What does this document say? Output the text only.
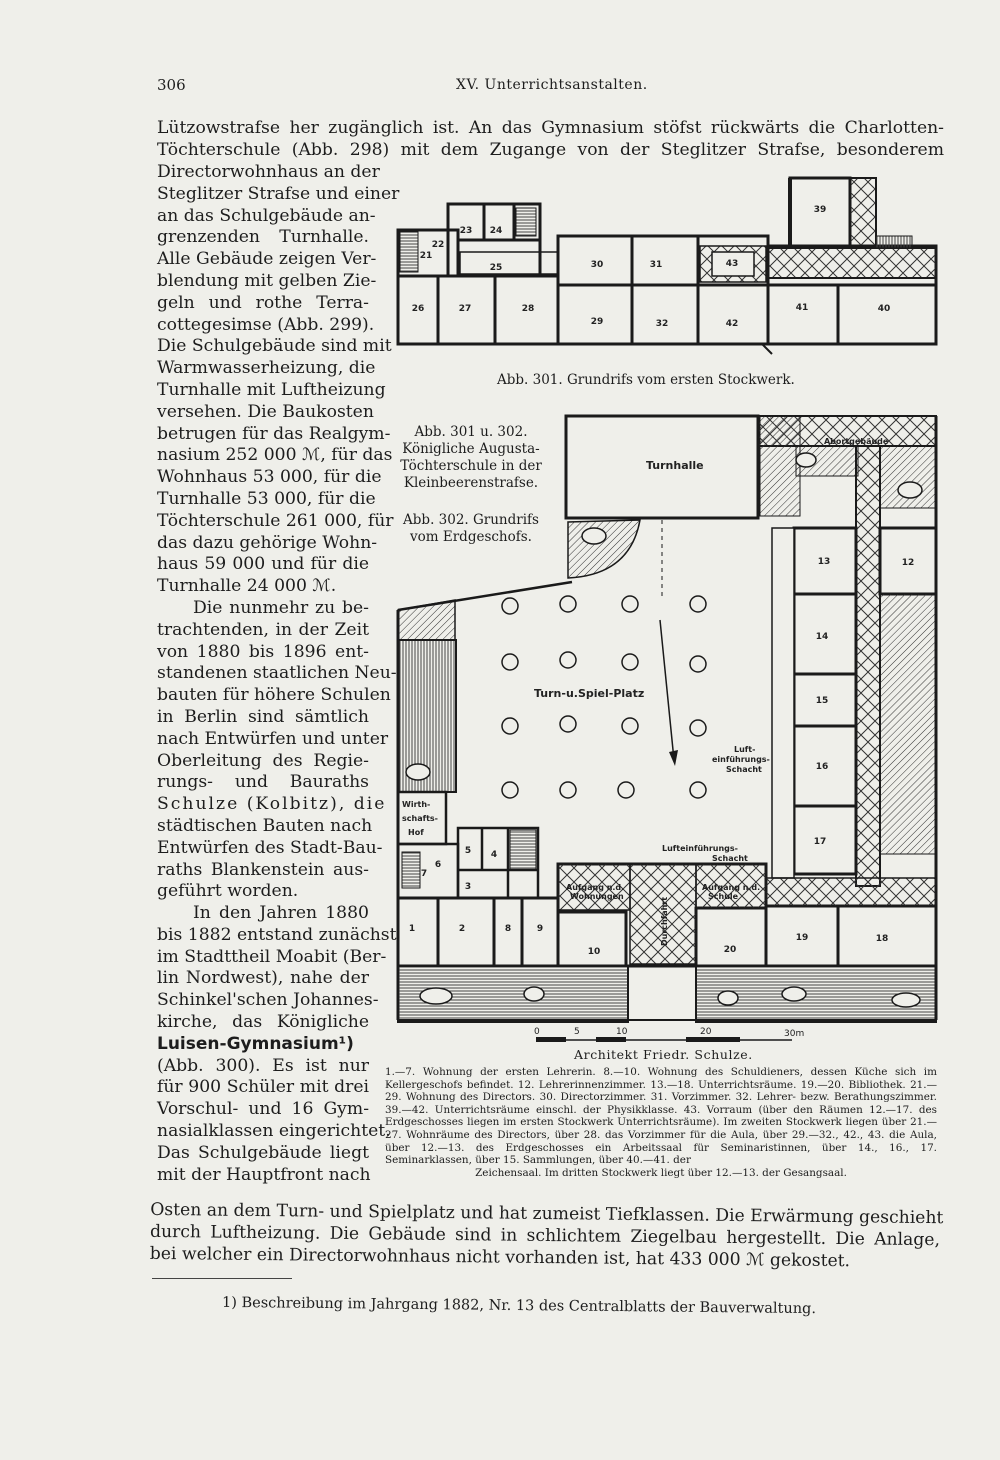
306	XV. Unterrichtsanstalten.
Lützowstrafse her zugänglich ist. An das Gymnasium stöfst rückwärts die Charlotten-
Töchterschule (Abb. 298) mit dem Zugange von der Steglitzer Strafse, besonderem
Directorwohnhaus an der
Steglitzer Strafse und einer
an das Schulgebäude an-
grenzenden Turnhalle.
Alle Gebäude zeigen Ver-
blendung mit gelben Zie-
geln und rothe Terra-
cottegesimse (Abb. 299).
Die Schulgebäude sind mit
Warmwasserheizung, die
Turnhalle mit Luftheizung
versehen. Die Baukosten
betrugen für das Realgym-
nasium 252 000 ℳ, für das
Wohnhaus 53 000, für die
Turnhalle 53 000, für die
Töchterschule 261 000, für
das dazu gehörige Wohn-
haus 59 000 und für die
Turnhalle 24 000 ℳ.
Die nunmehr zu be-
trachtenden, in der Zeit
von 1880 bis 1896 ent-
standenen staatlichen Neu-
bauten für höhere Schulen
in Berlin sind sämtlich
nach Entwürfen und unter
Oberleitung des Regie-
rungs- und Bauraths
Schulze (Kolbitz), die
städtischen Bauten nach
Entwürfen des Stadt-Bau-
raths Blankenstein aus-
geführt worden.
In den Jahren 1880
bis 1882 entstand zunächst
im Stadttheil Moabit (Ber-
lin Nordwest), nahe der
Schinkel'schen Johannes-
kirche, das Königliche
Luisen-Gymnasium¹)
(Abb. 300). Es ist nur
für 900 Schüler mit drei
Vorschul- und 16 Gym-
nasialklassen eingerichtet.
Das Schulgebäude liegt
mit der Hauptfront nach
39
23 24
22
21
25	30	31	43
26	27	28
29	32	42
41	40
Turnhalle
Abortgebäude
Turn-u.Spiel-Platz
Wirth-
schafts-
Hof
Luft-
einführungs-
Schacht
Lufteinführungs-
Schacht
Aufgang n.d.
Wohnungen
Aufgang n.d.
Schule
Durchfahrt
13	12
14
15
16
17
5 4
7
6
3
1	2	8	9
10	20
19	18
0	5	10	20	30m
Abb. 301. Grundrifs vom ersten Stockwerk.
Abb. 301 u. 302.
Königliche Augusta-
Töchterschule in der
Kleinbeerenstrafse.
Abb. 302. Grundrifs
vom Erdgeschofs.
Architekt Friedr. Schulze.
1.—7. Wohnung der ersten Lehrerin. 8.—10. Wohnung des Schuldieners, dessen Küche sich im Kellergeschofs befindet. 12. Lehrerinnenzimmer. 13.—18. Unterrichtsräume. 19.—20. Bibliothek. 21.—29. Wohnung des Directors. 30. Directorzimmer. 31. Vorzimmer. 32. Lehrer- bezw. Berathungszimmer. 39.—42. Unterrichtsräume einschl. der Physikklasse. 43. Vorraum (über den Räumen 12.—17. des Erdgeschosses liegen im ersten Stockwerk Unterrichtsräume). Im zweiten Stockwerk liegen über 21.—27. Wohnräume des Directors, über 28. das Vorzimmer für die Aula, über 29.—32., 42., 43. die Aula, über 12.—13. des Erdgeschosses ein Arbeitssaal für Seminaristinnen, über 14., 16., 17. Seminarklassen, über 15. Sammlungen, über 40.—41. der
Zeichensaal. Im dritten Stockwerk liegt über 12.—13. der Gesangsaal.
Osten an dem Turn- und Spielplatz und hat zumeist Tiefklassen. Die Erwärmung geschieht
durch Luftheizung. Die Gebäude sind in schlichtem Ziegelbau hergestellt. Die Anlage,
bei welcher ein Directorwohnhaus nicht vorhanden ist, hat 433 000 ℳ gekostet.
1) Beschreibung im Jahrgang 1882, Nr. 13 des Centralblatts der Bauverwaltung.
